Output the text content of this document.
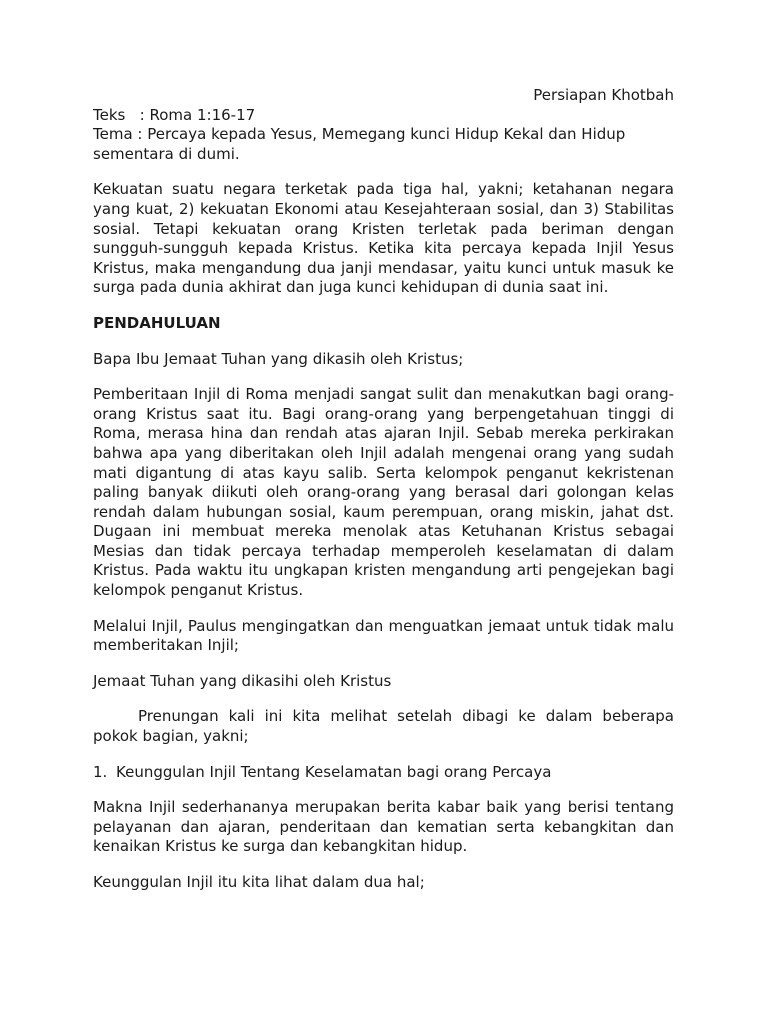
Persiapan Khotbah

Teks   : Roma 1:16-17

Tema : Percaya kepada Yesus, Memegang kunci Hidup Kekal dan Hidup sementara di dumi.

Kekuatan suatu negara terketak pada tiga hal, yakni; ketahanan negara yang kuat, 2) kekuatan Ekonomi atau Kesejahteraan sosial, dan 3) Stabilitas sosial. Tetapi kekuatan orang Kristen terletak pada beriman dengan sungguh-sungguh kepada Kristus. Ketika kita percaya kepada Injil Yesus Kristus, maka mengandung dua janji mendasar, yaitu kunci untuk masuk ke surga pada dunia akhirat dan juga kunci kehidupan di dunia saat ini.

PENDAHULUAN

Bapa Ibu Jemaat Tuhan yang dikasih oleh Kristus;

Pemberitaan Injil di Roma menjadi sangat sulit dan menakutkan bagi orang-orang Kristus saat itu. Bagi orang-orang yang berpengetahuan tinggi di Roma, merasa hina dan rendah atas ajaran Injil. Sebab mereka perkirakan bahwa apa yang diberitakan oleh Injil adalah mengenai orang yang sudah mati digantung di atas kayu salib. Serta kelompok penganut kekristenan paling banyak diikuti oleh orang-orang yang berasal dari golongan kelas rendah dalam hubungan sosial, kaum perempuan, orang miskin, jahat dst. Dugaan ini membuat mereka menolak atas Ketuhanan Kristus sebagai Mesias dan tidak percaya terhadap memperoleh keselamatan di dalam Kristus. Pada waktu itu ungkapan kristen mengandung arti pengejekan bagi kelompok penganut Kristus.

Melalui Injil, Paulus mengingatkan dan menguatkan jemaat untuk tidak malu memberitakan Injil;

Jemaat Tuhan yang dikasihi oleh Kristus

Prenungan kali ini kita melihat setelah dibagi ke dalam beberapa pokok bagian, yakni;

1. Keunggulan Injil Tentang Keselamatan bagi orang Percaya

Makna Injil sederhananya merupakan berita kabar baik yang berisi tentang pelayanan dan ajaran, penderitaan dan kematian serta kebangkitan dan kenaikan Kristus ke surga dan kebangkitan hidup.

Keunggulan Injil itu kita lihat dalam dua hal;
